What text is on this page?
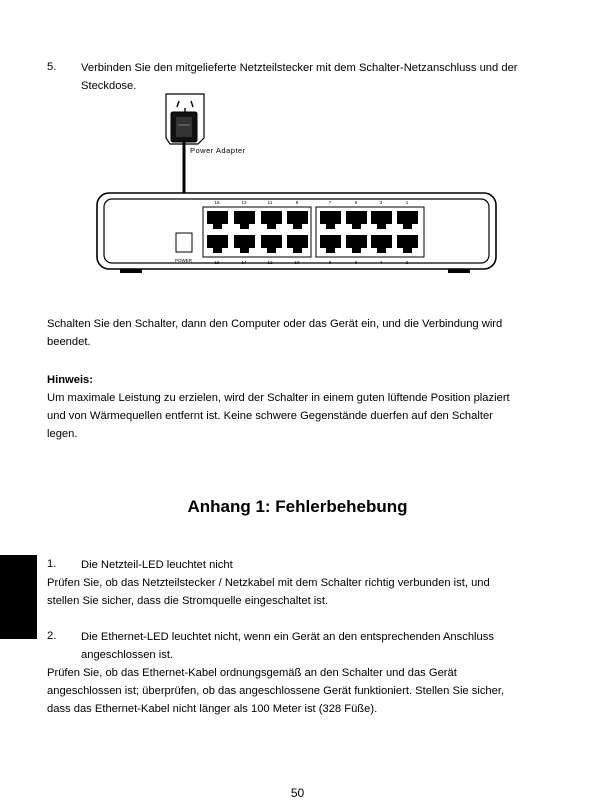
5. Verbinden Sie den mitgelieferte Netzteilstecker mit dem Schalter-Netzanschluss und der

Steckdose.

Power Adapter
POWER
15	13	11	9	7	5	3	1
16	14	12	10	8	6	4	2

Schalten Sie den Schalter, dann den Computer oder das Gerät ein, und die Verbindung wird

beendet.

Hinweis:

Um maximale Leistung zu erzielen, wird der Schalter in einem guten lüftende Position plaziert

und von Wärmequellen entfernt ist. Keine schwere Gegenstände duerfen auf den Schalter

legen.

Anhang 1: Fehlerbehebung
1. Die Netzteil-LED leuchtet nicht

Prüfen Sie, ob das Netzteilstecker / Netzkabel mit dem Schalter richtig verbunden ist, und

stellen Sie sicher, dass die Stromquelle eingeschaltet ist.

2. Die Ethernet-LED leuchtet nicht, wenn ein Gerät an den entsprechenden Anschluss

angeschlossen ist.

Prüfen Sie, ob das Ethernet-Kabel ordnungsgemäß an den Schalter und das Gerät

angeschlossen ist; überprüfen, ob das angeschlossene Gerät funktioniert. Stellen Sie sicher,

dass das Ethernet-Kabel nicht länger als 100 Meter ist (328 Füße).

50
